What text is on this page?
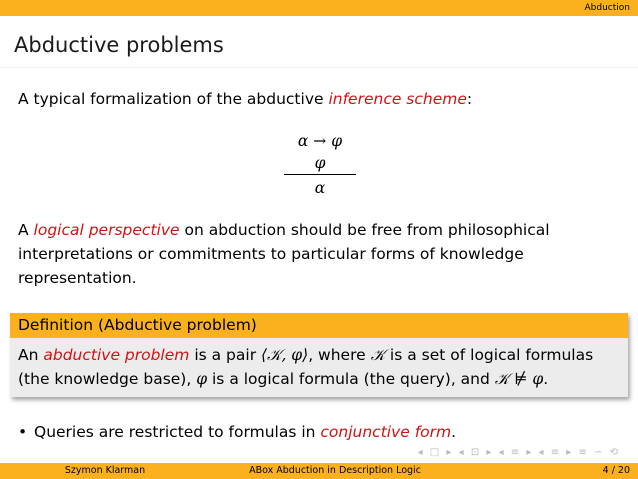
Abduction
Abductive problems
A typical formalization of the abductive inference scheme:
α → φ
φ
α
A logical perspective on abduction should be free from philosophical interpretations or commitments to particular forms of knowledge representation.
Definition (Abductive problem)
An abductive problem is a pair ⟨𝒦, φ⟩, where 𝒦 is a set of logical formulas (the knowledge base), φ is a logical formula (the query), and 𝒦 ⊭ φ.
• Queries are restricted to formulas in conjunctive form.
◂ □ ▸ ◂ ⊡ ▸ ◂ ≡ ▸ ◂ ≡ ▸ ≡ ∽ ⟲
Szymon Klarman	ABox Abduction in Description Logic	4 / 20
